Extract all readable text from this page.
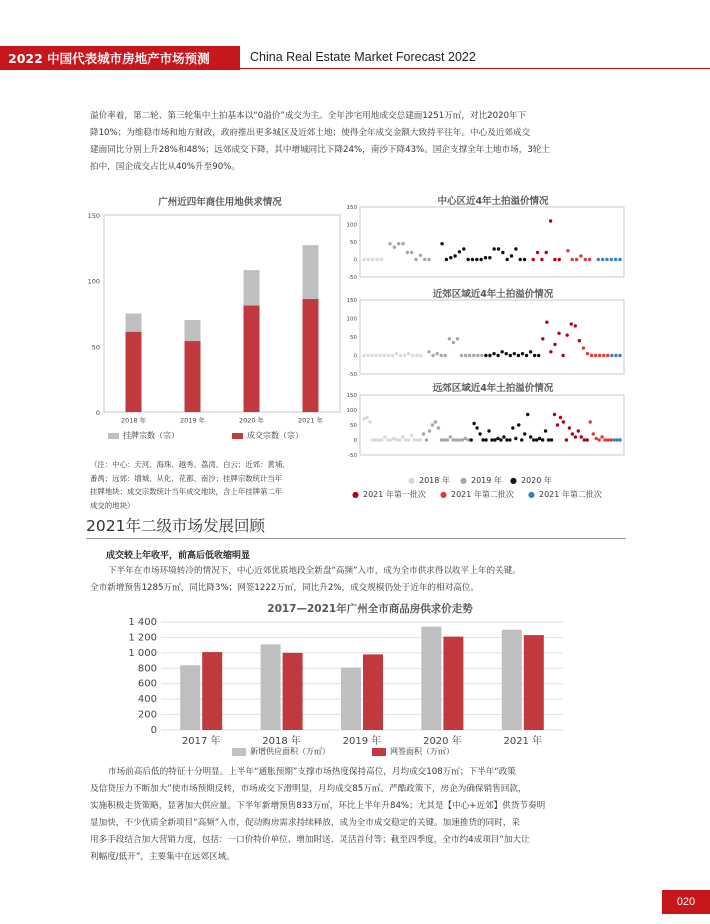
2022 中国代表城市房地产市场预测	China Real Estate Market Forecast 2022

溢价率着，第二轮、第三轮集中土拍基本以“0溢价”成交为主。全年涉宅用地成交总建面1251万㎡，对比2020年下

降10%；为维稳市场和地方财政，政府推出更多城区及近郊土地；使得全年成交金额大致持平往年。中心及近郊成交

建面同比分别上升28%和48%；远郊成交下降，其中增城同比下降24%，南沙下降43%。国企支撑全年土地市场，3轮土

拍中，国企成交占比从40%升至90%。

广州近四年商住用地供求情况
0
50
100
150
2018 年	2019 年	2020 年	2021 年
挂牌宗数（宗）	成交宗数（宗）
（注：中心：天河、海珠、越秀、荔湾、白云；近郊：黄埔、
番禺；远郊：增城、从化、花都、南沙；挂牌宗数统计当年
挂牌地块；成交宗数统计当年成交地块，含上年挂牌第二年
成交的地块）
中心区近4年土拍溢价情况
150
100
50
0
-50
近郊区域近4年土拍溢价情况
150
100
50
0
-50
远郊区域近4年土拍溢价情况
150
100
50
0
-50
● 2018 年 ● 2019 年 ● 2020 年
● 2021 年第一批次 ● 2021 年第二批次 ● 2021 年第二批次
2021年二级市场发展回顾
成交较上年收平，前高后低收缩明显

下半年在市场环境转冷的情况下，中心近郊优质地段全新盘“高频”入市，成为全市供求得以收平上年的关键。

全市新增预售1285万㎡，同比降3%；网签1222万㎡，同比升2%，成交规模仍处于近年的相对高位。

2017—2021年广州全市商品房供求价走势
0
200
400
600
800
1 000
1 200
1 400
2017 年	2018 年	2019 年	2020 年	2021 年
新增供应面积（万㎡）	网签面积（万㎡）

市场前高后低的特征十分明显。上半年“通胀预期”支撑市场热度保持高位，月均成交108万㎡；下半年“政策

及信贷压力不断加大”使市场预期反转，市场成交下滑明显，月均成交85万㎡。严酷政策下，房企为确保销售回款，

实施积极走货策略，显著加大供应量。下半年新增预售833万㎡，环比上半年升84%；尤其是【中心+近郊】供货节奏明

显加快，不少优质全新项目“高频”入市，促动购房需求持续释放，成为全市成交稳定的关键。加速推货的同时，采

用多手段结合加大营销力度，包括：一口价特价单位、增加附送、灵活首付等；截至四季度，全市约4成项目“加大让

利幅度/低开”，主要集中在远郊区域。

020
